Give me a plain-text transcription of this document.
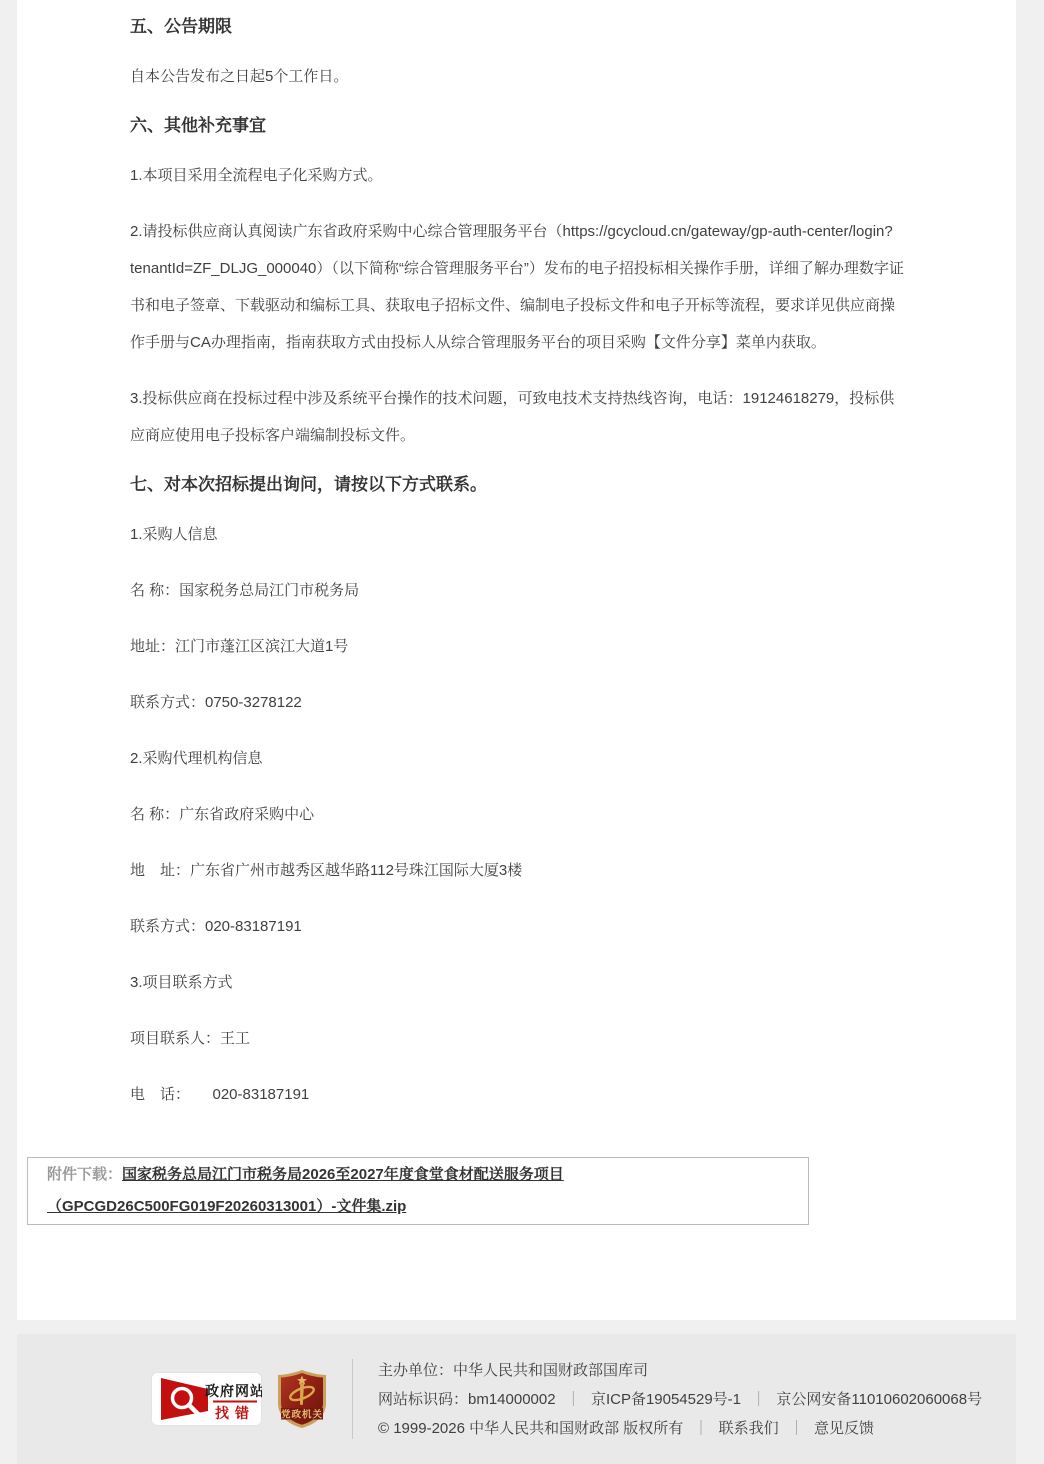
五、公告期限

自本公告发布之日起5个工作日。

六、其他补充事宜

1.本项目采用全流程电子化采购方式。

2.请投标供应商认真阅读广东省政府采购中心综合管理服务平台（https://gcycloud.cn/gateway/gp-auth-center/login?tenantId=ZF_DLJG_000040）（以下简称“综合管理服务平台”）发布的电子招投标相关操作手册，详细了解办理数字证书和电子签章、下载驱动和编标工具、获取电子招标文件、编制电子投标文件和电子开标等流程，要求详见供应商操作手册与CA办理指南，指南获取方式由投标人从综合管理服务平台的项目采购【文件分享】菜单内获取。

3.投标供应商在投标过程中涉及系统平台操作的技术问题，可致电技术支持热线咨询，电话：19124618279，投标供应商应使用电子投标客户端编制投标文件。

七、对本次招标提出询问，请按以下方式联系。

1.采购人信息

名 称：国家税务总局江门市税务局

地址：江门市蓬江区滨江大道1号

联系方式：0750-3278122

2.采购代理机构信息

名 称：广东省政府采购中心

地　址：广东省广州市越秀区越华路112号珠江国际大厦3楼

联系方式：020-83187191

3.项目联系方式

项目联系人：王工

电　话：　　020-83187191

附件下载：国家税务总局江门市税务局2026至2027年度食堂食材配送服务项目（GPCGD26C500FG019F20260313001）-文件集.zip
政府网站
找错	党政机关
主办单位：中华人民共和国财政部国库司
网站标识码：bm14000002 ｜ 京ICP备19054529号-1 ｜ 京公网安备11010602060068号
© 1999-2026 中华人民共和国财政部 版权所有 ｜ 联系我们 ｜ 意见反馈
